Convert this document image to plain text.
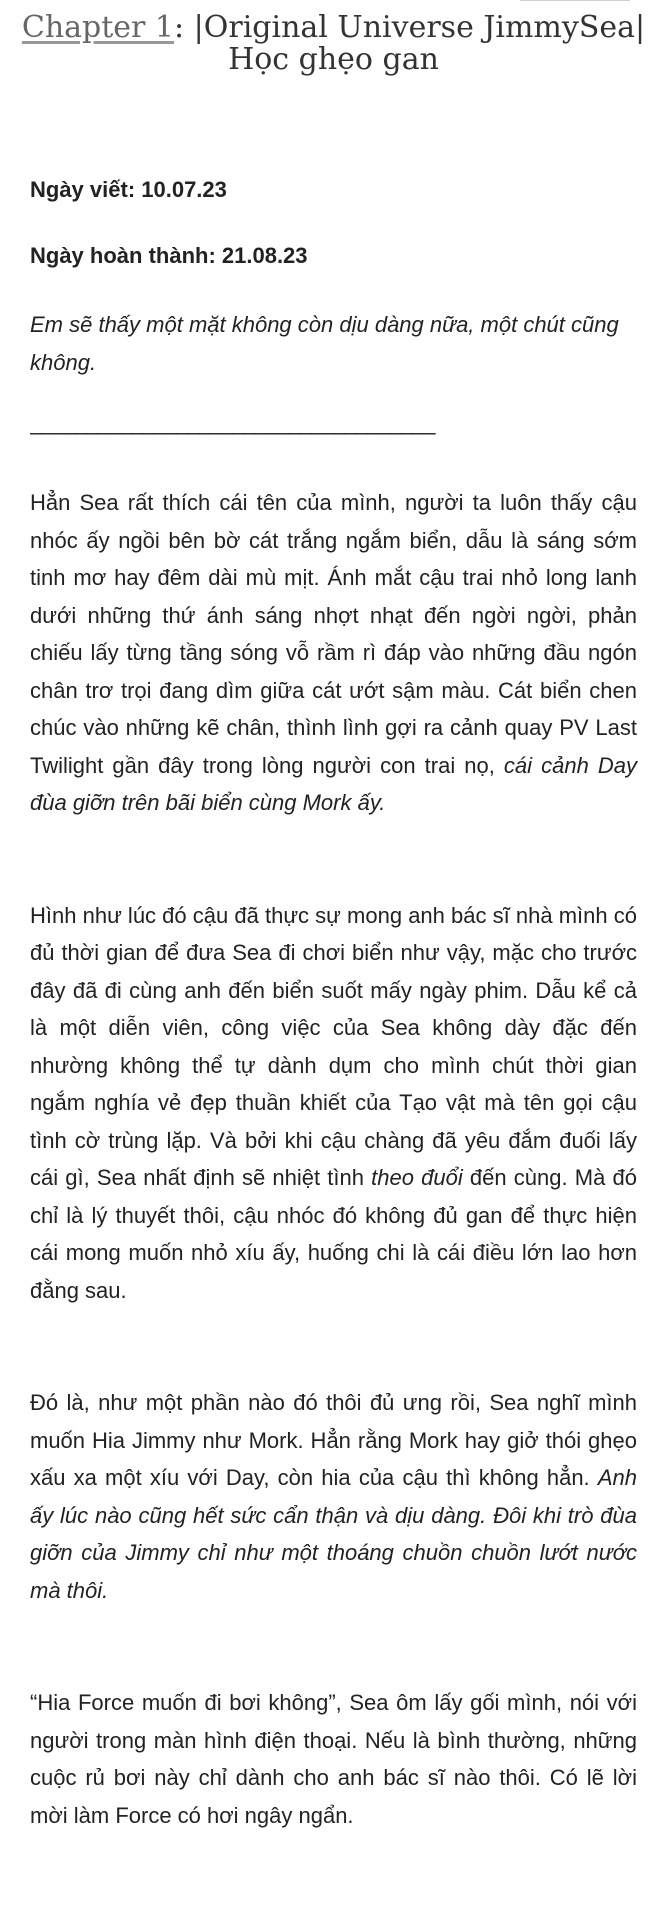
Chapter 1: |Original Universe JimmySea| Học ghẹo gan

Ngày viết: 10.07.23

Ngày hoàn thành: 21.08.23

Em sẽ thấy một mặt không còn dịu dàng nữa, một chút cũng không.

____________________________________

Hẳn Sea rất thích cái tên của mình, người ta luôn thấy cậu nhóc ấy ngồi bên bờ cát trắng ngắm biển, dẫu là sáng sớm tinh mơ hay đêm dài mù mịt. Ánh mắt cậu trai nhỏ long lanh dưới những thứ ánh sáng nhợt nhạt đến ngời ngời, phản chiếu lấy từng tầng sóng vỗ rầm rì đáp vào những đầu ngón chân trơ trọi đang dìm giữa cát ướt sậm màu. Cát biển chen chúc vào những kẽ chân, thình lình gợi ra cảnh quay PV Last Twilight gần đây trong lòng người con trai nọ, cái cảnh Day đùa giỡn trên bãi biển cùng Mork ấy.

Hình như lúc đó cậu đã thực sự mong anh bác sĩ nhà mình có đủ thời gian để đưa Sea đi chơi biển như vậy, mặc cho trước đây đã đi cùng anh đến biển suốt mấy ngày phim. Dẫu kể cả là một diễn viên, công việc của Sea không dày đặc đến nhường không thể tự dành dụm cho mình chút thời gian ngắm nghía vẻ đẹp thuần khiết của Tạo vật mà tên gọi cậu tình cờ trùng lặp. Và bởi khi cậu chàng đã yêu đắm đuối lấy cái gì, Sea nhất định sẽ nhiệt tình theo đuổi đến cùng. Mà đó chỉ là lý thuyết thôi, cậu nhóc đó không đủ gan để thực hiện cái mong muốn nhỏ xíu ấy, huống chi là cái điều lớn lao hơn đằng sau.

Đó là, như một phần nào đó thôi đủ ưng rồi, Sea nghĩ mình muốn Hia Jimmy như Mork. Hẳn rằng Mork hay giở thói ghẹo xấu xa một xíu với Day, còn hia của cậu thì không hẳn. Anh ấy lúc nào cũng hết sức cẩn thận và dịu dàng. Đôi khi trò đùa giỡn của Jimmy chỉ như một thoáng chuồn chuồn lướt nước mà thôi.

“Hia Force muốn đi bơi không”, Sea ôm lấy gối mình, nói với người trong màn hình điện thoại. Nếu là bình thường, những cuộc rủ bơi này chỉ dành cho anh bác sĩ nào thôi. Có lẽ lời mời làm Force có hơi ngây ngẩn.
